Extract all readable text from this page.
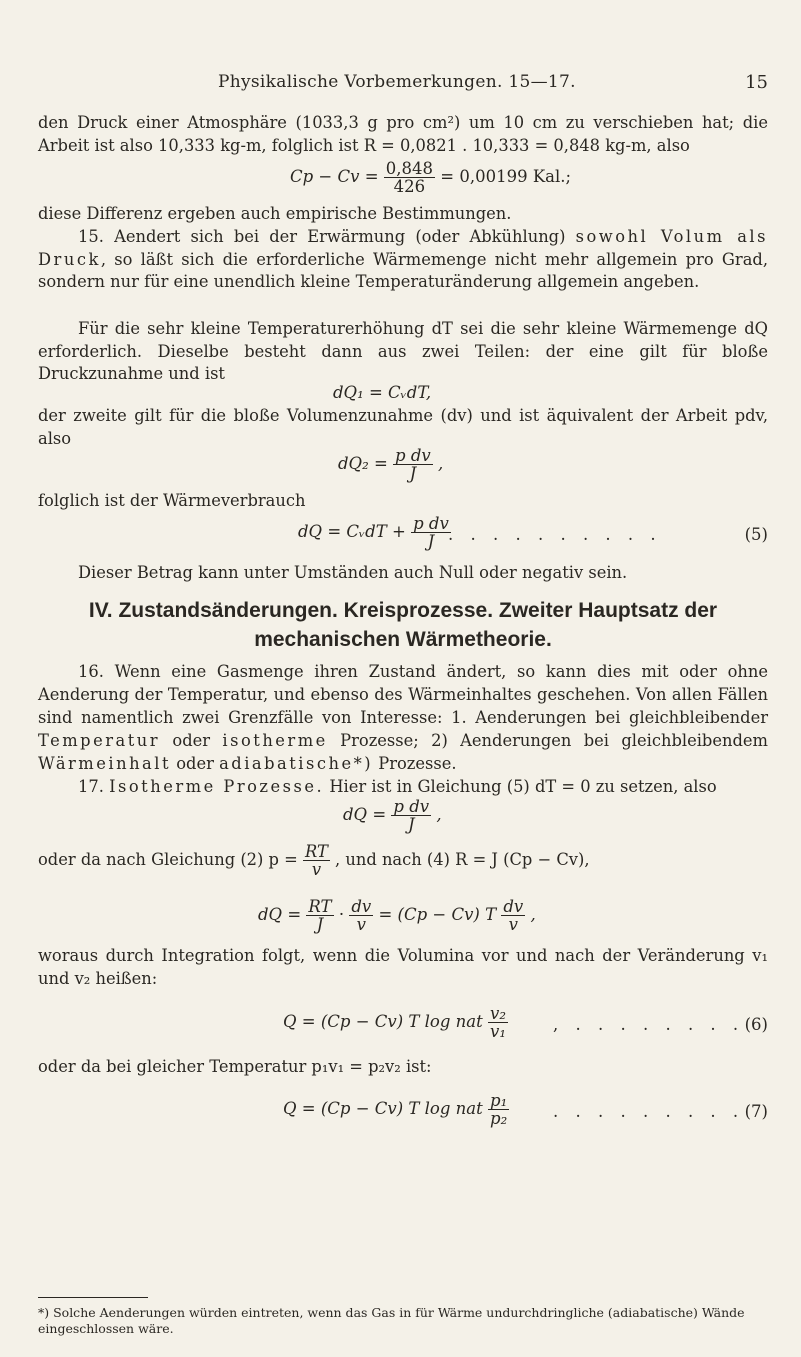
Physikalische Vorbemerkungen. 15—17.	15

den Druck einer Atmosphäre (1033,3 g pro cm²) um 10 cm zu verschieben hat; die Arbeit ist also 10,333 kg-m, folglich ist R = 0,0821 . 10,333 = 0,848 kg-m, also

$Cp - Cv = \frac{0,848}{426} = 0,00199$ Kal.;

diese Differenz ergeben auch empirische Bestimmungen.

15. Aendert sich bei der Erwärmung (oder Abkühlung) sowohl Volum als Druck, so läßt sich die erforderliche Wärmemenge nicht mehr allgemein pro Grad, sondern nur für eine unendlich kleine Temperaturänderung allgemein angeben.

Für die sehr kleine Temperaturerhöhung dT sei die sehr kleine Wärmemenge dQ erforderlich. Dieselbe besteht dann aus zwei Teilen: der eine gilt für bloße Druckzunahme und ist

dQ₁ = CᵥdT,

der zweite gilt für die bloße Volumenzunahme (dv) und ist äquivalent der Arbeit pdv, also

$dQ_2 = \frac{\text{p dv}}{J}$ ,

folglich ist der Wärmeverbrauch

dQ = CᵥdT + $\frac{\text{p dv}}{J}$
. . . . . . . . . .	(5)

Dieser Betrag kann unter Umständen auch Null oder negativ sein.

IV. Zustandsänderungen. Kreisprozesse. Zweiter Hauptsatz der
mechanischen Wärmetheorie.

16. Wenn eine Gasmenge ihren Zustand ändert, so kann dies mit oder ohne Aenderung der Temperatur, und ebenso des Wärmeinhaltes geschehen. Von allen Fällen sind namentlich zwei Grenzfälle von Interesse: 1. Aenderungen bei gleichbleibender Temperatur oder isotherme Prozesse; 2) Aenderungen bei gleichbleibendem Wärmeinhalt oder adiabatische*) Prozesse.

17. Isotherme Prozesse. Hier ist in Gleichung (5) dT = 0 zu setzen, also

dQ = $\frac{\text{p dv}}{J}$ ,
oder da nach Gleichung (2) $p = \frac{RT}{v}$ , und nach (4) R = J (Cp − Cv),
dQ = $\frac{RT}{J} \cdot \frac{dv}{v} = (Cp - Cv)$ T $\frac{dv}{v}$ ,

woraus durch Integration folgt, wenn die Volumina vor und nach der Veränderung v₁ und v₂ heißen:

Q = (Cp − Cv) T log nat $\frac{\text{v₂}}{\text{v₁}}$	, . . . . . . . . (6)

oder da bei gleicher Temperatur p₁v₁ = p₂v₂ ist:

Q = (Cp − Cv) T log nat $\frac{\text{p₁}}{\text{p₂}}$	. . . . . . . . . (7)

*) Solche Aenderungen würden eintreten, wenn das Gas in für Wärme undurchdringliche (adiabatische) Wände eingeschlossen wäre.
